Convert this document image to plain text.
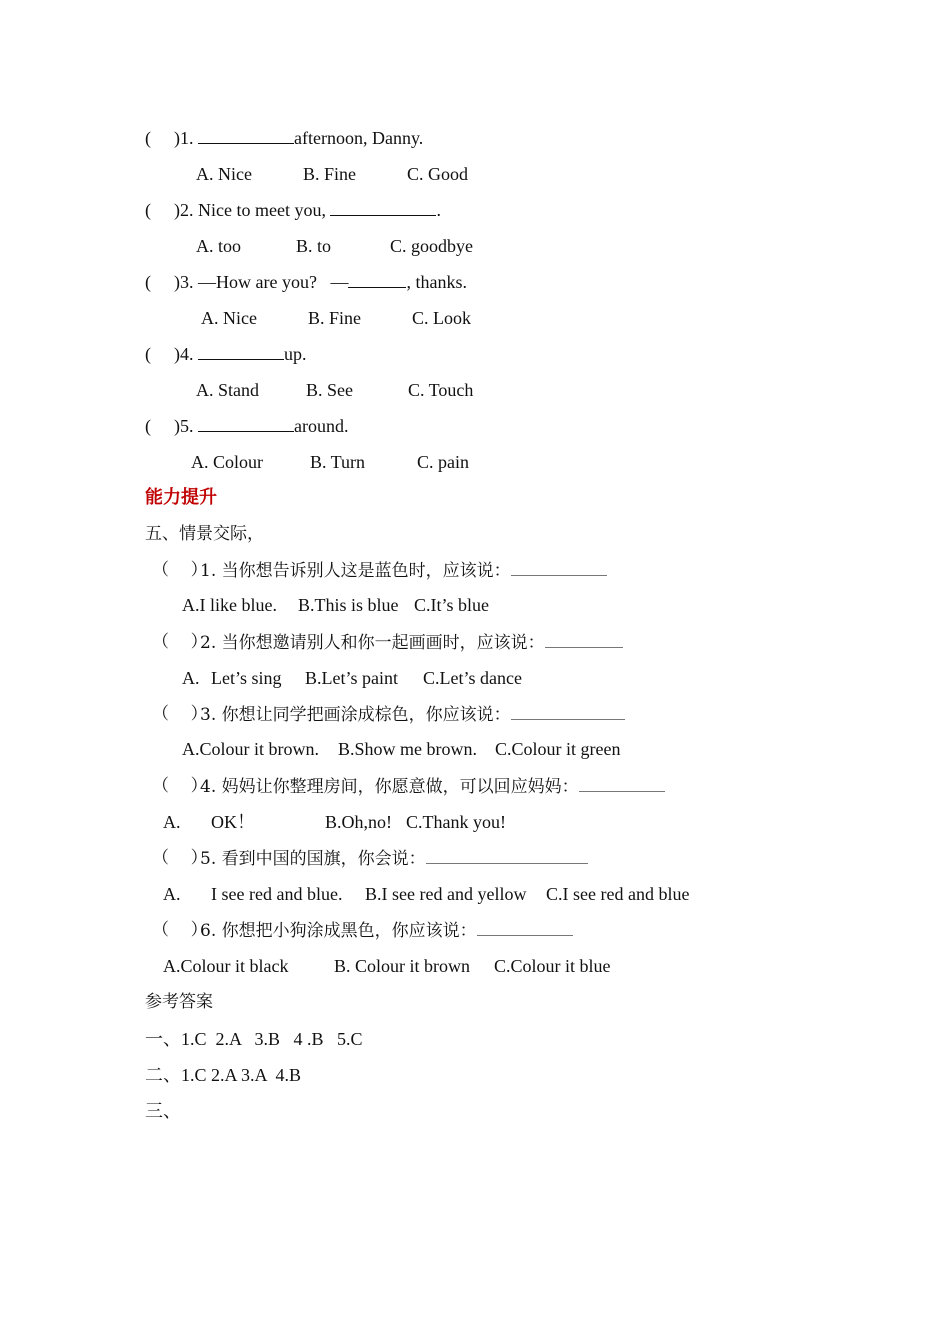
( )1.	afternoon, Danny.
A. Nice	B. Fine	C. Good
( )2. Nice to meet you,	.
A. too	B. to	C. goodbye
( )3. —How are you?   —	, thanks.
A. Nice	B. Fine	C. Look
( )4.	up.
A. Stand	B. See	C. Touch
( )5.	around.
A. Colour	B. Turn	C. pain
能力提升
五、情景交际，
（    ）
1. 当你想告诉别人这是蓝色时，应该说：
A.I like blue. B.This is blue C.It’s blue
（    ）
2. 当你想邀请别人和你一起画画时，应该说：
A. Let’s sing B.Let’s paint C.Let’s dance
（    ）
3. 你想让同学把画涂成棕色，你应该说：
A.Colour it brown. B.Show me brown. C.Colour it green
（    ）
4. 妈妈让你整理房间，你愿意做，可以回应妈妈：
A. OK！	B.Oh,no! C.Thank you!
（    ）
5. 看到中国的国旗，你会说：
A. I see red and blue. B.I see red and yellow C.I see red and blue
（    ）
6. 你想把小狗涂成黑色，你应该说：
A.Colour it black	B. Colour it brown C.Colour it blue
参考答案
一、1.C  2.A   3.B   4 .B   5.C
二、1.C 2.A 3.A  4.B
三、
